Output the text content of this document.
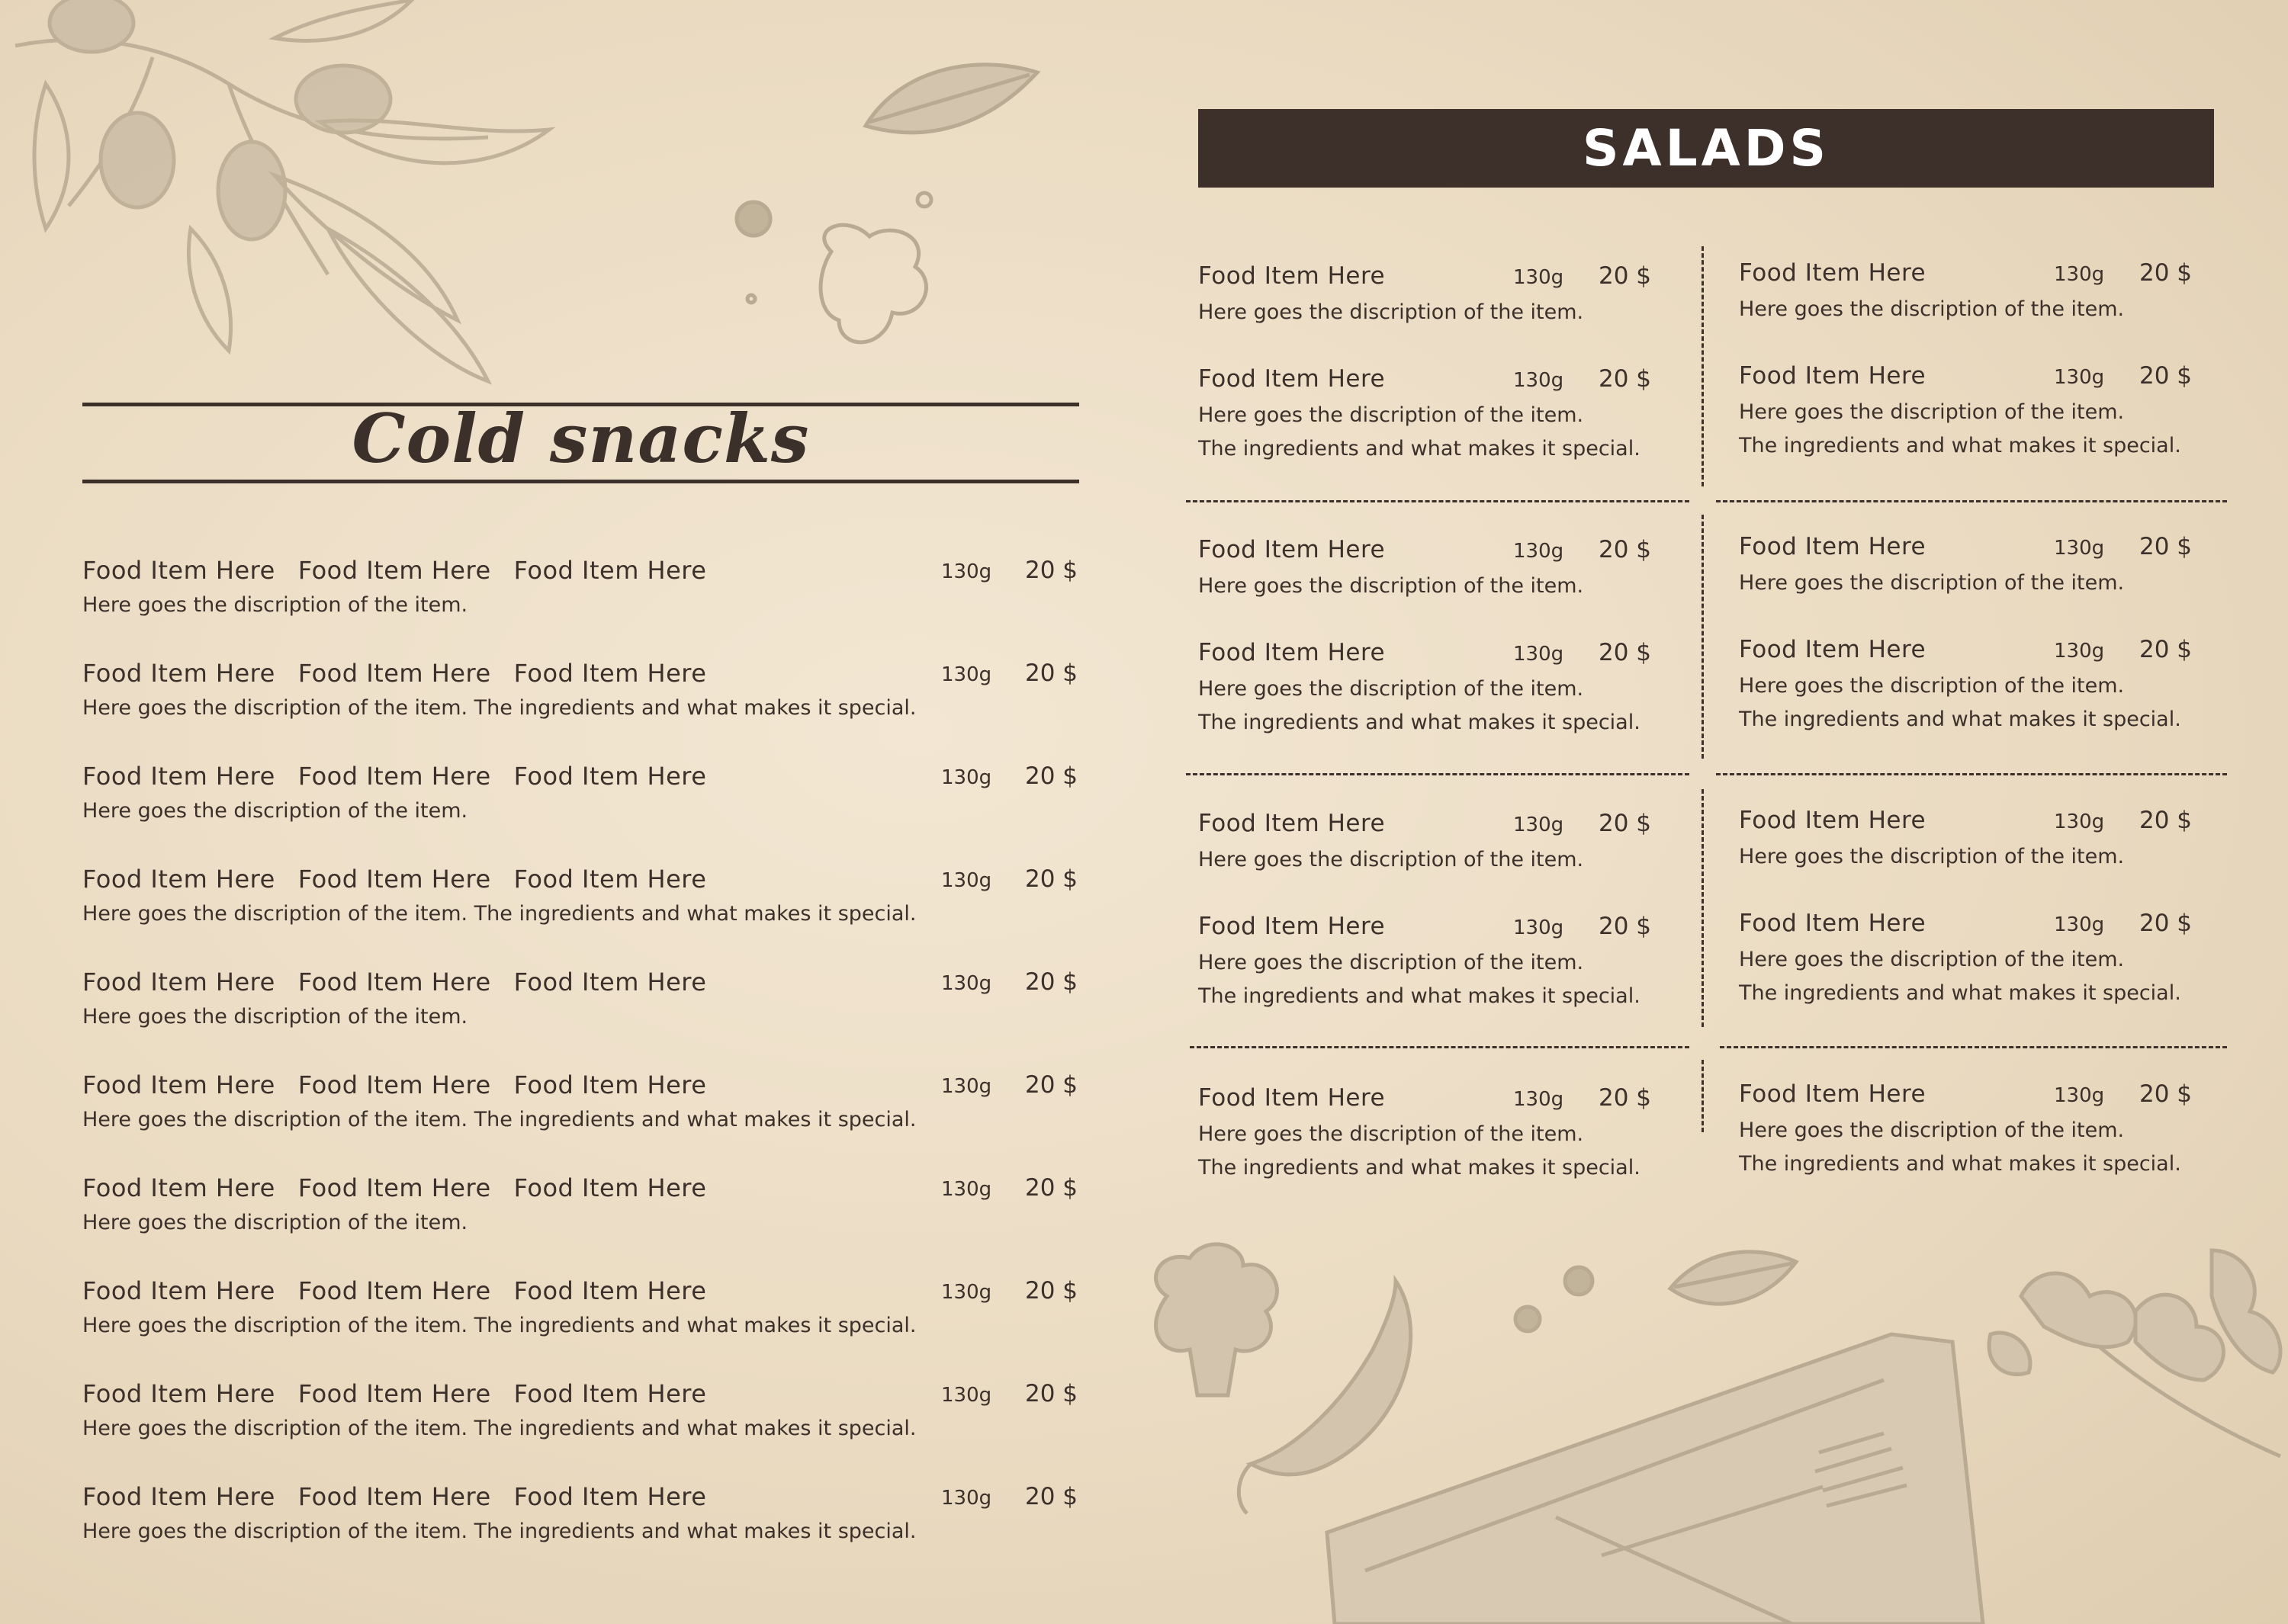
Cold snacks
Food Item Here Food Item Here Food Item Here	130g 20 $
Here goes the discription of the item.
Food Item Here Food Item Here Food Item Here	130g 20 $
Here goes the discription of the item. The ingredients and what makes it special.
Food Item Here Food Item Here Food Item Here	130g 20 $
Here goes the discription of the item.
Food Item Here Food Item Here Food Item Here	130g 20 $
Here goes the discription of the item. The ingredients and what makes it special.
Food Item Here Food Item Here Food Item Here	130g 20 $
Here goes the discription of the item.
Food Item Here Food Item Here Food Item Here	130g 20 $
Here goes the discription of the item. The ingredients and what makes it special.
Food Item Here Food Item Here Food Item Here	130g 20 $
Here goes the discription of the item.
Food Item Here Food Item Here Food Item Here	130g 20 $
Here goes the discription of the item. The ingredients and what makes it special.
Food Item Here Food Item Here Food Item Here	130g 20 $
Here goes the discription of the item. The ingredients and what makes it special.
Food Item Here Food Item Here Food Item Here	130g 20 $
Here goes the discription of the item. The ingredients and what makes it special.
SALADS
Food Item Here	130g 20 $
Here goes the discription of the item.
Food Item Here	130g 20 $
Here goes the discription of the item.
The ingredients and what makes it special.
Food Item Here	130g 20 $
Here goes the discription of the item.
Food Item Here	130g 20 $
Here goes the discription of the item.
The ingredients and what makes it special.
Food Item Here	130g 20 $
Here goes the discription of the item.
Food Item Here	130g 20 $
Here goes the discription of the item.
The ingredients and what makes it special.
Food Item Here	130g 20 $
Here goes the discription of the item.
The ingredients and what makes it special.
Food Item Here	130g 20 $
Here goes the discription of the item.
Food Item Here	130g 20 $
Here goes the discription of the item.
The ingredients and what makes it special.
Food Item Here	130g 20 $
Here goes the discription of the item.
Food Item Here	130g 20 $
Here goes the discription of the item.
The ingredients and what makes it special.
Food Item Here	130g 20 $
Here goes the discription of the item.
Food Item Here	130g 20 $
Here goes the discription of the item.
The ingredients and what makes it special.
Food Item Here	130g 20 $
Here goes the discription of the item.
The ingredients and what makes it special.
